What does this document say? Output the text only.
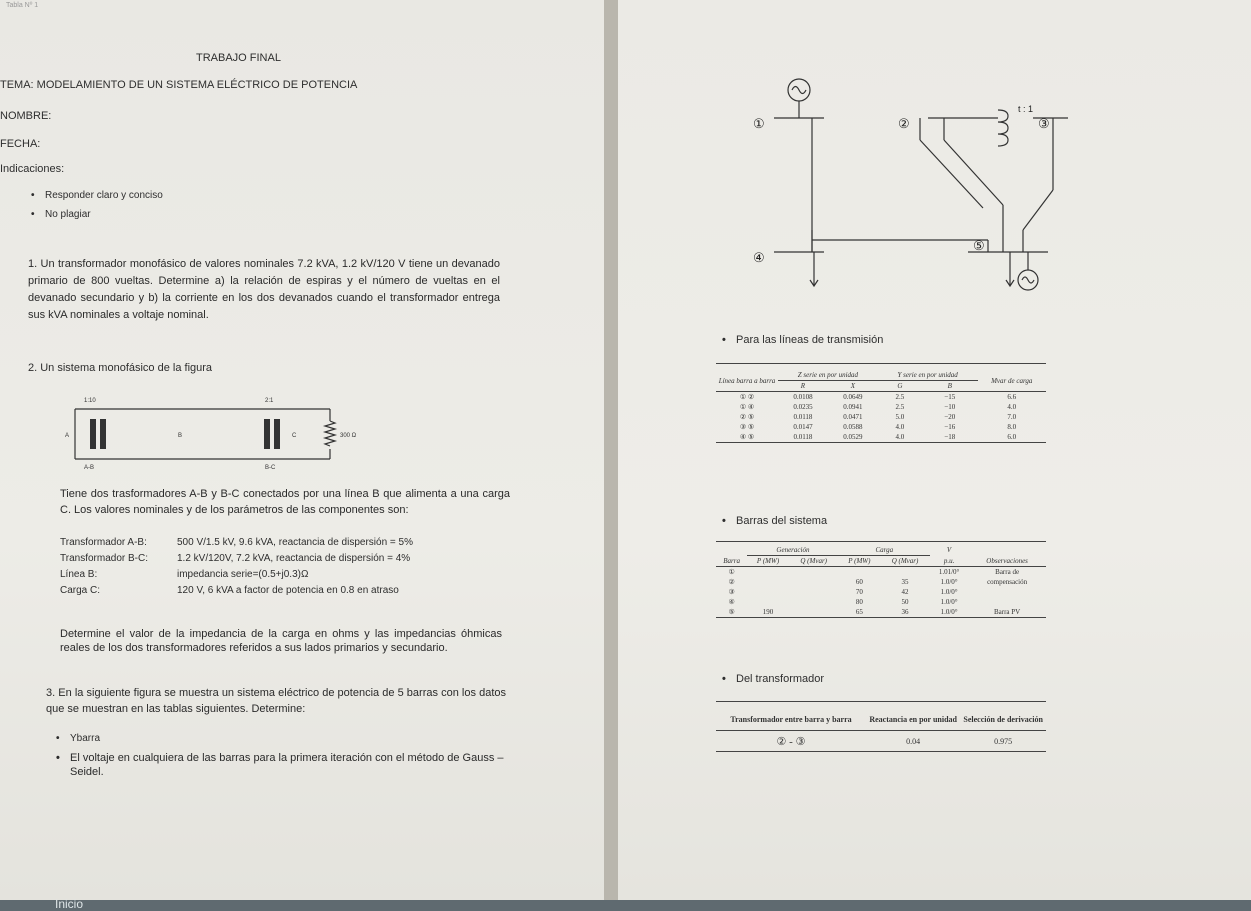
Tabla Nº 1
TRABAJO FINAL
TEMA: MODELAMIENTO DE UN SISTEMA ELÉCTRICO DE POTENCIA
NOMBRE:
FECHA:
Indicaciones:
• Responder claro y conciso
• No plagiar
1. Un transformador monofásico de valores nominales 7.2 kVA, 1.2 kV/120 V tiene un devanado primario de 800 vueltas. Determine a) la relación de espiras y el número de vueltas en el devanado secundario y b) la corriente en los dos devanados cuando el transformador entrega sus kVA nominales a voltaje nominal.
2. Un sistema monofásico de la figura
1:10	2:1
A	B	C	300 Ω
A-B	B-C
Tiene dos trasformadores A-B y B-C conectados por una línea B que alimenta a una carga C. Los valores nominales y de los parámetros de las componentes son:
Transformador A-B:	500 V/1.5 kV, 9.6 kVA, reactancia de dispersión = 5%
Transformador B-C:	1.2 kV/120V, 7.2 kVA, reactancia de dispersión = 4%
Línea B:	impedancia serie=(0.5+j0.3)Ω
Carga C:	120 V, 6 kVA a factor de potencia en 0.8 en atraso
Determine el valor de la impedancia de la carga en ohms y las impedancias óhmicas reales de los dos transformadores referidos a sus lados primarios y secundario.
3. En la siguiente figura se muestra un sistema eléctrico de potencia de 5 barras con los datos que se muestran en las tablas siguientes. Determine:
• Ybarra
• El voltaje en cualquiera de las barras para la primera iteración con el método de Gauss – Seidel.
t : 1
①	②	③
④
⑤
• Para las líneas de transmisión
Línea barra a barra	Z serie en por unidad		Y serie en por unidad		Mvar de carga
	R	X	G	B	
① ②	0.0108	0.0649	2.5	−15	6.6
① ④	0.0235	0.0941	2.5	−10	4.0
② ⑤	0.0118	0.0471	5.0	−20	7.0
③ ⑤	0.0147	0.0588	4.0	−16	8.0
④ ⑤	0.0118	0.0529	4.0	−18	6.0
• Barras del sistema
	Generación		Carga		V	
Barra	P (MW)	Q (Mvar)	P (MW)	Q (Mvar)	p.u.	Observaciones
①					1.01/0°	Barra de
②			60	35	1.0/0°	compensación
③			70	42	1.0/0°	
④			80	50	1.0/0°	
⑤	190		65	36	1.0/0°	Barra PV
• Del transformador
Transformador entre barra y barra	Reactancia en por unidad	Selección de derivación
② - ③	0.04	0.975
Inicio
